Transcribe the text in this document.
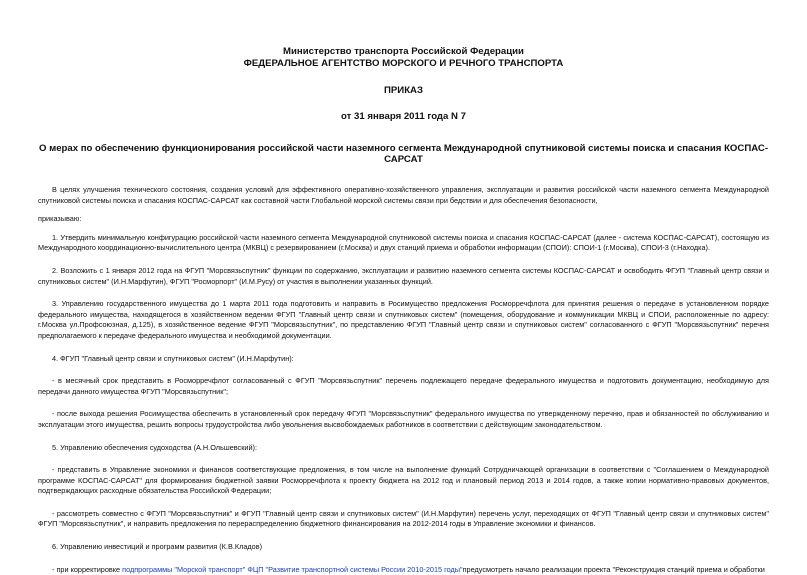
Министерство транспорта Российской Федерации
ФЕДЕРАЛЬНОЕ АГЕНТСТВО МОРСКОГО И РЕЧНОГО ТРАНСПОРТА
ПРИКАЗ
от 31 января 2011 года N 7
О мерах по обеспечению функционирования российской части наземного сегмента Международной спутниковой системы поиска и спасания КОСПАС-САРСАТ

В целях улучшения технического состояния, создания условий для эффективного оперативно-хозяйственного управления, эксплуатации и развития российской части наземного сегмента Международной спутниковой системы поиска и спасания КОСПАС-САРСАТ как составной части Глобальной морской системы связи при бедствии и для обеспечения безопасности,

приказываю:

1. Утвердить минимальную конфигурацию российской части наземного сегмента Международной спутниковой системы поиска и спасания КОСПАС-САРСАТ (далее - система КОСПАС-САРСАТ), состоящую из Международного координационно-вычислительного центра (МКВЦ) с резервированием (г.Москва) и двух станций приема и обработки информации (СПОИ): СПОИ-1 (г.Москва), СПОИ-3 (г.Находка).

2. Возложить с 1 января 2012 года на ФГУП "Морсвязьспутник" функции по содержанию, эксплуатации и развитию наземного сегмента системы КОСПАС-САРСАТ и освободить ФГУП "Главный центр связи и спутниковых систем" (И.Н.Марфутин), ФГУП "Росморпорт" (И.М.Русу) от участия в выполнении указанных функций.

3. Управлению государственного имущества до 1 марта 2011 года подготовить и направить в Росимущество предложения Росморречфлота для принятия решения о передаче в установленном порядке федерального имущества, находящегося в хозяйственном ведении ФГУП "Главный центр связи и спутниковых систем" (помещения, оборудование и коммуникации МКВЦ и СПОИ, расположенные по адресу: г.Москва ул.Профсоюзная, д.125), в хозяйственное ведение ФГУП "Морсвязьспутник", по представлению ФГУП "Главный центр связи и спутниковых систем" согласованного с ФГУП "Морсвязьспутник" перечня предполагаемого к передаче федерального имущества и необходимой документации.

4. ФГУП "Главный центр связи и спутниковых систем" (И.Н.Марфутин):

- в месячный срок представить в Росморречфлот согласованный с ФГУП "Морсвязьспутник" перечень подлежащего передаче федерального имущества и подготовить документацию, необходимую для передачи данного имущества ФГУП "Морсвязьспутник";

- после выхода решения Росимущества обеспечить в установленный срок передачу ФГУП "Морсвязьспутник" федерального имущества по утвержденному перечню, прав и обязанностей по обслуживанию и эксплуатации этого имущества, решить вопросы трудоустройства либо увольнения высвобождаемых работников в соответствии с действующим законодательством.

5. Управлению обеспечения судоходства (А.Н.Ольшевский):

- представить в Управление экономики и финансов соответствующие предложения, в том числе на выполнение функций Сотрудничающей организации в соответствии с "Соглашением о Международной программе КОСПАС-САРСАТ" для формирования бюджетной заявки Росморречфлота к проекту бюджета на 2012 год и плановый период 2013 и 2014 годов, а также копии нормативно-правовых документов, подтверждающих расходные обязательства Российской Федерации;

- рассмотреть совместно с ФГУП "Морсвязьспутник" и ФГУП "Главный центр связи и спутниковых систем" (И.Н.Марфутин) перечень услуг, переходящих от ФГУП "Главный центр связи и спутниковых систем" ФГУП "Морсвязьспутник", и направить предложения по перераспределению бюджетного финансирования на 2012-2014 годы в Управление экономики и финансов.

6. Управлению инвестиций и программ развития (К.В.Кладов)

- при корректировке подпрограммы "Морской транспорт" ФЦП "Развитие транспортной системы России 2010-2015 годы"предусмотреть начало реализации проекта "Реконструкция станций приема и обработки
